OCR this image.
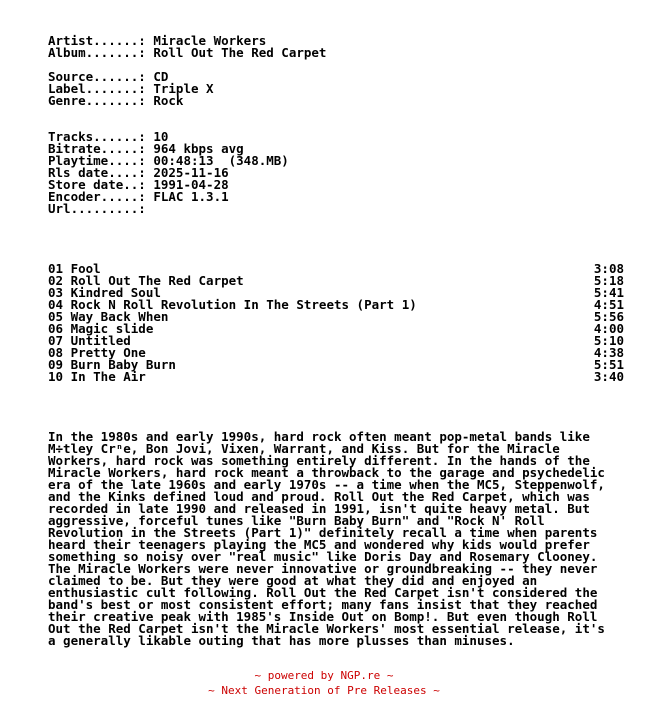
Artist......: Miracle Workers
Album.......: Roll Out The Red Carpet
Source......: CD
Label.......: Triple X
Genre.......: Rock
Tracks......: 10
Bitrate.....: 964 kbps avg
Playtime....: 00:48:13  (348.MB)
Rls date....: 2025-11-16
Store date..: 1991-04-28
Encoder.....: FLAC 1.3.1
Url.........:
01 Fool	3:08
02 Roll Out The Red Carpet	5:18
03 Kindred Soul	5:41
04 Rock N Roll Revolution In The Streets (Part 1)	4:51
05 Way Back When	5:56
06 Magic slide	4:00
07 Untitled	5:10
08 Pretty One	4:38
09 Burn Baby Burn	5:51
10 In The Air	3:40
In the 1980s and early 1990s, hard rock often meant pop-metal bands like
M÷tley Crⁿe, Bon Jovi, Vixen, Warrant, and Kiss. But for the Miracle
Workers, hard rock was something entirely different. In the hands of the
Miracle Workers, hard rock meant a throwback to the garage and psychedelic
era of the late 1960s and early 1970s -- a time when the MC5, Steppenwolf,
and the Kinks defined loud and proud. Roll Out the Red Carpet, which was
recorded in late 1990 and released in 1991, isn't quite heavy metal. But
aggressive, forceful tunes like "Burn Baby Burn" and "Rock N' Roll
Revolution in the Streets (Part 1)" definitely recall a time when parents
heard their teenagers playing the MC5 and wondered why kids would prefer
something so noisy over "real music" like Doris Day and Rosemary Clooney.
The Miracle Workers were never innovative or groundbreaking -- they never
claimed to be. But they were good at what they did and enjoyed an
enthusiastic cult following. Roll Out the Red Carpet isn't considered the
band's best or most consistent effort; many fans insist that they reached
their creative peak with 1985's Inside Out on Bomp!. But even though Roll
Out the Red Carpet isn't the Miracle Workers' most essential release, it's
a generally likable outing that has more plusses than minuses.
~ powered by NGP.re ~
~ Next Generation of Pre Releases ~
